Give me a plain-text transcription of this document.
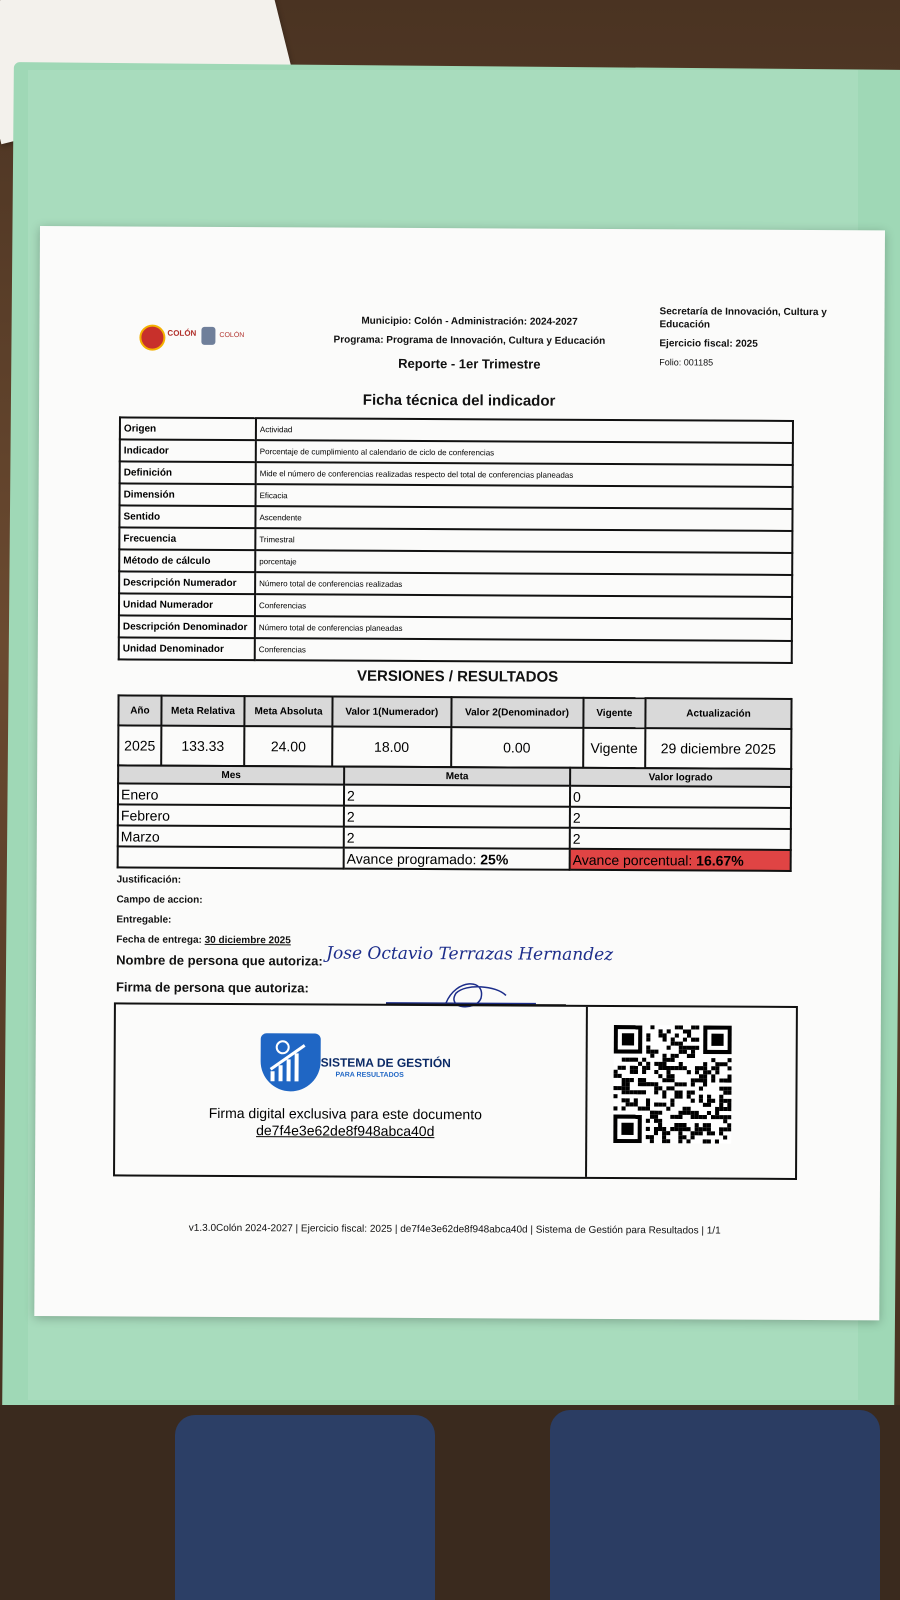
COLÓN	COLÓN
Municipio: Colón - Administración: 2024-2027
Programa: Programa de Innovación, Cultura y Educación
Reporte - 1er Trimestre
Secretaría de Innovación, Cultura y Educación
Ejercicio fiscal: 2025
Folio: 001185
Ficha técnica del indicador
Origen	Actividad
Indicador	Porcentaje de cumplimiento al calendario de ciclo de conferencias
Definición	Mide el número de conferencias realizadas respecto del total de conferencias planeadas
Dimensión	Eficacia
Sentido	Ascendente
Frecuencia	Trimestral
Método de cálculo	porcentaje
Descripción Numerador	Número total de conferencias realizadas
Unidad Numerador	Conferencias
Descripción Denominador	Número total de conferencias planeadas
Unidad Denominador	Conferencias
VERSIONES / RESULTADOS
Año	Meta Relativa	Meta Absoluta	Valor 1(Numerador)	Valor 2(Denominador)	Vigente	Actualización
2025	133.33	24.00	18.00	0.00	Vigente	29 diciembre 2025
Mes	Meta	Valor logrado
Enero	2	0
Febrero	2	2
Marzo	2	2
	Avance programado: 25%	Avance porcentual: 16.67%
Justificación:
Campo de accion:
Entregable:
Fecha de entrega: 30 diciembre 2025
Nombre de persona que autoriza:
Firma de persona que autoriza:
Jose Octavio Terrazas Hernandez
SISTEMA DE GESTIÓN
PARA RESULTADOS
Firma digital exclusiva para este documento
de7f4e3e62de8f948abca40d
v1.3.0Colón 2024-2027 | Ejercicio fiscal: 2025 | de7f4e3e62de8f948abca40d | Sistema de Gestión para Resultados | 1/1
